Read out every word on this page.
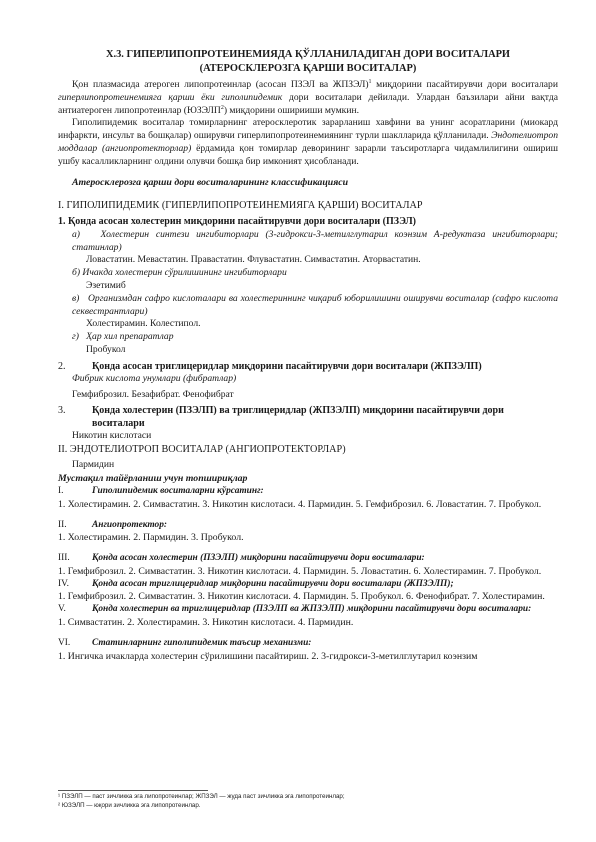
X.3. ГИПЕРЛИПОПРОТЕИНЕМИЯДА ҚЎЛЛАНИЛАДИГАН ДОРИ ВОСИТАЛАРИ
(АТЕРОСКЛЕРОЗГА ҚАРШИ ВОСИТАЛАР)

Қон плазмасида атероген липопротеинлар (асосан ПЗЭЛ ва ЖПЗЭЛ)$^1$ миқдорини пасайтирувчи дори воситалари гиперлипопротеинемияга қарши ёки гиполипидемик дори воситалари дейилади. Улардан баъзилари айни вақтда антиатероген липопротеинлар (ЮЗЭЛП$^2$) миқдорини оширииши мумкин.

Гиполипидемик воситалар томирларнинг атеросклеротик зарарланиш хавфини ва унинг асоратларини (миокард инфаркти, инсульт ва бошқалар) оширувчи гиперлипопротеинемиянинг турли шаклларида қўлланилади. Эндотелиотроп моддалар (ангиопротекторлар) ёрдамида қон томирлар деворининг зарарли таъсиротларга чидамлилигини ошириш ушбу касалликларнинг олдини олувчи бошқа бир имконият ҳисобланади.

Атеросклерозга қарши дори воситаларининг классификацияси

I. ГИПОЛИПИДЕМИК (ГИПЕРЛИПОПРОТЕИНЕМИЯГА ҚАРШИ) ВОСИТАЛАР

1. Қонда асосан холестерин миқдорини пасайтирувчи дори воситалари (ПЗЭЛ)

а) Холестерин синтези ингибиторлари (3-гидрокси-3-метилглутарил коэнзим А-редуктаза ингибиторлари; статинлар)

Ловастатин. Мевастатин. Правастатин. Флувастатин. Симвастатин. Аторвастатин.

б) Ичакда холестерин сўрилишининг ингибиторлари

Эзетимиб

в) Организмдан сафро кислоталари ва холестериннинг чиқариб юборилишини оширувчи воситалар (сафро кислота секвестрантлари)

Холестирамин. Колестипол.

г) Ҳар хил препаратлар

Пробукол

2.	Қонда асосан триглицеридлар миқдорини пасайтирувчи дори воситалари (ЖПЗЭЛП)

Фибрик кислота унумлари (фибратлар)

Гемфиброзил. Безафибрат. Фенофибрат

3.	Қонда холестерин (ПЗЭЛП) ва триглицеридлар (ЖПЗЭЛП) миқдорини пасайтирувчи дори воситалари

Никотин кислотаси

II. ЭНДОТЕЛИОТРОП ВОСИТАЛАР (АНГИОПРОТЕКТОРЛАР)

Пармидин

Мустақил тайёрланиш учун топшириқлар

I.	Гиполипидемик воситаларни кўрсатинг:

1. Холестирамин. 2. Симвастатин. 3. Никотин кислотаси. 4. Пармидин. 5. Гемфиброзил. 6. Ловастатин. 7. Пробукол.

II.	Ангиопротектор:

1. Холестирамин. 2. Пармидин. 3. Пробукол.

III.	Қонда асосан холестерин (ПЗЭЛП) миқдорини пасайтирувчи дори воситалари:

1. Гемфиброзил. 2. Симвастатин. 3. Никотин кислотаси. 4. Пармидин. 5. Ловастатин. 6. Холестирамин. 7. Пробукол.

IV.	Қонда асосан триглицеридлар миқдорини пасайтирувчи дори воситалари (ЖПЗЭЛП);

1. Гемфиброзил. 2. Симвастатин. 3. Никотин кислотаси. 4. Пармидин. 5. Пробукол. 6. Фенофибрат. 7. Холестирамин.

V.	Қонда холестерин ва триглицеридлар (ПЗЭЛП ва ЖПЗЭЛП) миқдорини пасайтирувчи дори воситалари:

1. Симвастатин. 2. Холестирамин. 3. Никотин кислотаси. 4. Пармидин.

VI.	Статинларнинг гиполипидемик таъсир механизми:

1. Ингичка ичакларда холестерин сўрилишини пасайтириш. 2. 3-гидрокси-3-метилглутарил коэнзим

¹ ПЗЭЛП — паст зичликка эга липопротеинлар; ЖПЗЭЛ — жуда паст зичликка эга липопротеинлар;
² ЮЗЭЛП — юқори зичликка эга липопротеинлар.
